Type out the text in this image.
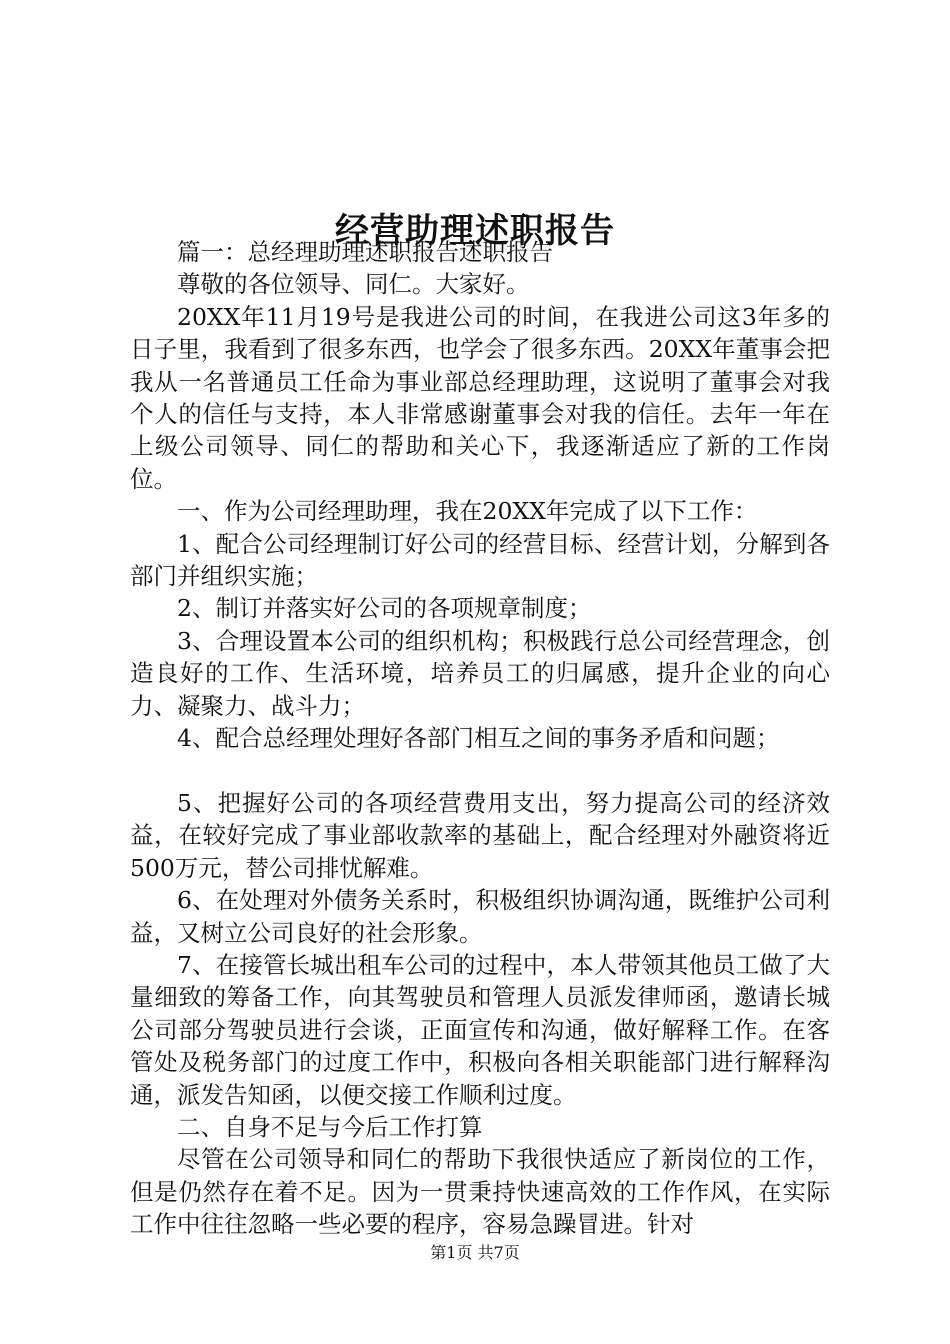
经营助理述职报告

篇一：总经理助理述职报告述职报告

尊敬的各位领导、同仁。大家好。

20XX年11月19号是我进公司的时间，在我进公司这3年多的日子里，我看到了很多东西，也学会了很多东西。20XX年董事会把我从一名普通员工任命为事业部总经理助理，这说明了董事会对我个人的信任与支持，本人非常感谢董事会对我的信任。去年一年在上级公司领导、同仁的帮助和关心下，我逐渐适应了新的工作岗位。

一、作为公司经理助理，我在20XX年完成了以下工作：

1、配合公司经理制订好公司的经营目标、经营计划，分解到各部门并组织实施；

2、制订并落实好公司的各项规章制度；

3、合理设置本公司的组织机构；积极践行总公司经营理念，创造良好的工作、生活环境，培养员工的归属感，提升企业的向心力、凝聚力、战斗力；

4、配合总经理处理好各部门相互之间的事务矛盾和问题；

5、把握好公司的各项经营费用支出，努力提高公司的经济效益，在较好完成了事业部收款率的基础上，配合经理对外融资将近500万元，替公司排忧解难。

6、在处理对外债务关系时，积极组织协调沟通，既维护公司利益，又树立公司良好的社会形象。

7、在接管长城出租车公司的过程中，本人带领其他员工做了大量细致的筹备工作，向其驾驶员和管理人员派发律师函，邀请长城公司部分驾驶员进行会谈，正面宣传和沟通，做好解释工作。在客管处及税务部门的过度工作中，积极向各相关职能部门进行解释沟通，派发告知函，以便交接工作顺利过度。

二、自身不足与今后工作打算

尽管在公司领导和同仁的帮助下我很快适应了新岗位的工作，但是仍然存在着不足。因为一贯秉持快速高效的工作作风，在实际工作中往往忽略一些必要的程序，容易急躁冒进。针对

第1页 共7页
